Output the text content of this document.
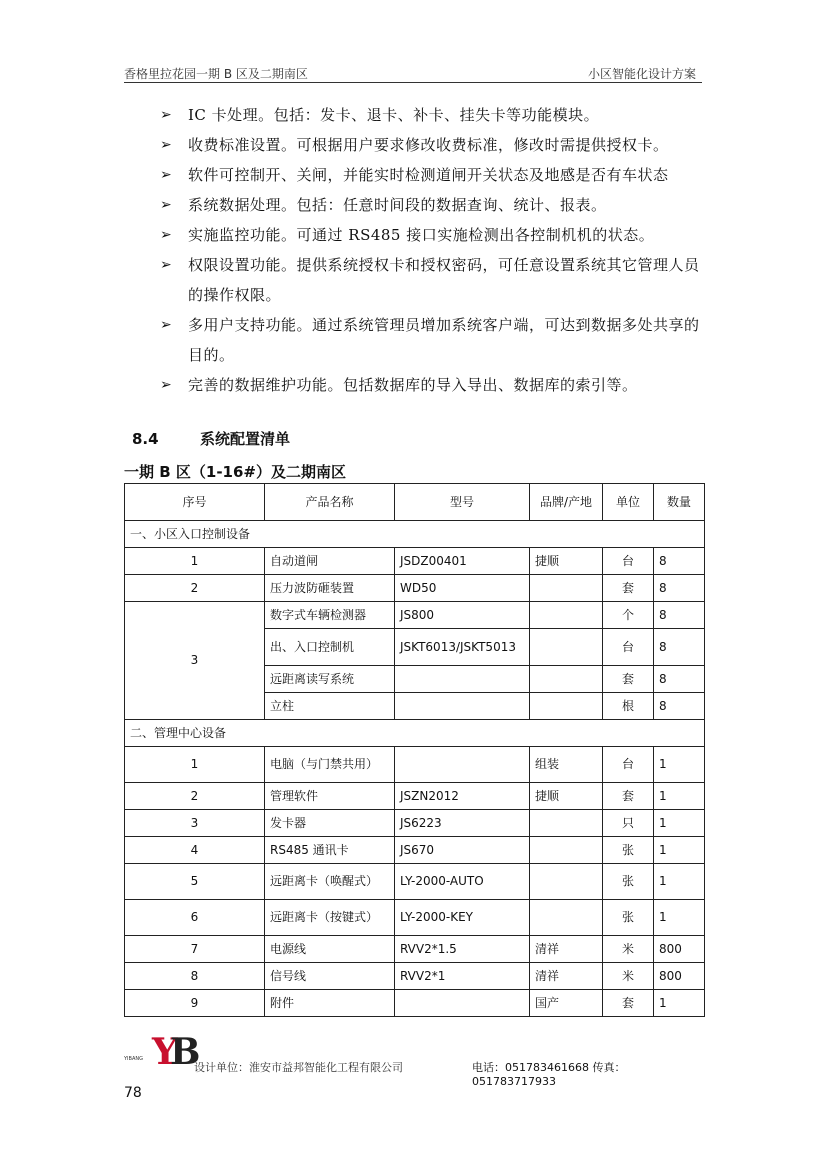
香格里拉花园一期 B 区及二期南区	小区智能化设计方案
➢ IC 卡处理。包括：发卡、退卡、补卡、挂失卡等功能模块。
➢ 收费标准设置。可根据用户要求修改收费标准，修改时需提供授权卡。
➢ 软件可控制开、关闸，并能实时检测道闸开关状态及地感是否有车状态
➢ 系统数据处理。包括：任意时间段的数据查询、统计、报表。
➢ 实施监控功能。可通过 RS485 接口实施检测出各控制机机的状态。
➢ 权限设置功能。提供系统授权卡和授权密码，可任意设置系统其它管理人员的操作权限。
➢ 多用户支持功能。通过系统管理员增加系统客户端，可达到数据多处共享的目的。
➢ 完善的数据维护功能。包括数据库的导入导出、数据库的索引等。
8.4	系统配置清单
一期 B 区（1-16#）及二期南区
序号	产品名称	型号	品牌/产地	单位	数量
一、小区入口控制设备					
1	自动道闸	JSDZ00401	捷顺	台	8
2	压力波防砸装置	WD50		套	8
3	数字式车辆检测器	JS800		个	8
	出、入口控制机	JSKT6013/JSKT5013		台	8
	远距离读写系统			套	8
	立柱			根	8
二、管理中心设备					
1	电脑（与门禁共用）		组装	台	1
2	管理软件	JSZN2012	捷顺	套	1
3	发卡器	JS6223		只	1
4	RS485 通讯卡	JS670		张	1
5	远距离卡（唤醒式）	LY-2000-AUTO		张	1
6	远距离卡（按键式）	LY-2000-KEY		张	1
7	电源线	RVV2*1.5	清祥	米	800
8	信号线	RVV2*1	清祥	米	800
9	附件		国产	套	1
Y
B
YIBANG
设计单位：淮安市益邦智能化工程有限公司	电话：051783461668 传真：051783717933
78
